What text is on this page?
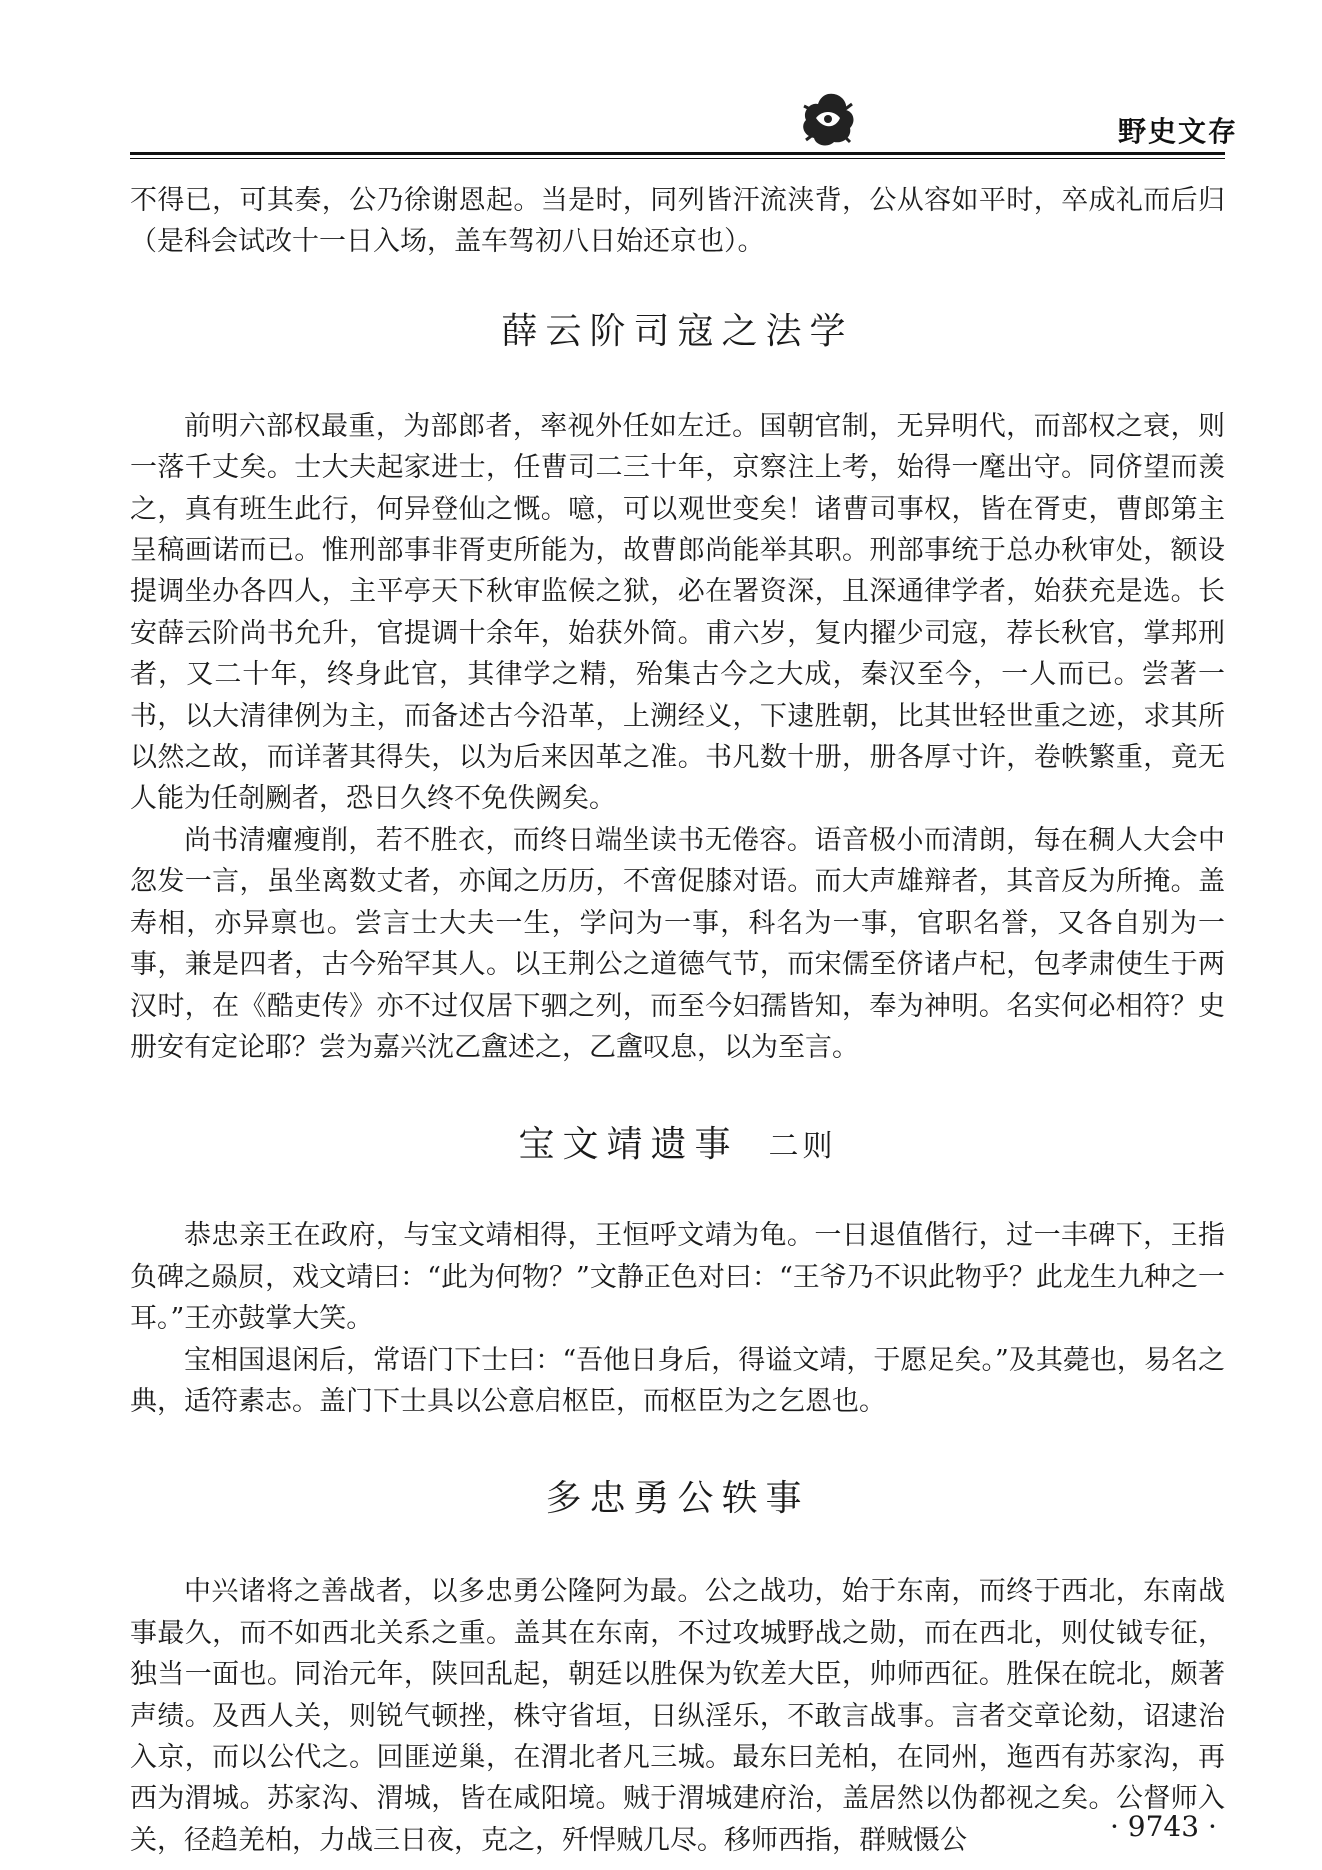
野史文存

不得已，可其奏，公乃徐谢恩起。当是时，同列皆汗流浃背，公从容如平时，卒成礼而后归（是科会试改十一日入场，盖车驾初八日始还京也）。

薛云阶司寇之法学

前明六部权最重，为部郎者，率视外任如左迁。国朝官制，无异明代，而部权之衰，则一落千丈矣。士大夫起家进士，任曹司二三十年，京察注上考，始得一麾出守。同侪望而羡之，真有班生此行，何异登仙之慨。噫，可以观世变矣！诸曹司事权，皆在胥吏，曹郎第主呈稿画诺而已。惟刑部事非胥吏所能为，故曹郎尚能举其职。刑部事统于总办秋审处，额设提调坐办各四人，主平亭天下秋审监候之狱，必在署资深，且深通律学者，始获充是选。长安薛云阶尚书允升，官提调十余年，始获外简。甫六岁，复内擢少司寇，荐长秋官，掌邦刑者，又二十年，终身此官，其律学之精，殆集古今之大成，秦汉至今，一人而已。尝著一书，以大清律例为主，而备述古今沿革，上溯经义，下逮胜朝，比其世轻世重之迹，求其所以然之故，而详著其得失，以为后来因革之准。书凡数十册，册各厚寸许，卷帙繁重，竟无人能为任剞劂者，恐日久终不免佚阙矣。

尚书清癯瘦削，若不胜衣，而终日端坐读书无倦容。语音极小而清朗，每在稠人大会中忽发一言，虽坐离数丈者，亦闻之历历，不啻促膝对语。而大声雄辩者，其音反为所掩。盖寿相，亦异禀也。尝言士大夫一生，学问为一事，科名为一事，官职名誉，又各自别为一事，兼是四者，古今殆罕其人。以王荆公之道德气节，而宋儒至侪诸卢杞，包孝肃使生于两汉时，在《酷吏传》亦不过仅居下驷之列，而至今妇孺皆知，奉为神明。名实何必相符？史册安有定论耶？尝为嘉兴沈乙盦述之，乙盦叹息，以为至言。

宝文靖遗事 二则

恭忠亲王在政府，与宝文靖相得，王恒呼文靖为龟。一日退值偕行，过一丰碑下，王指负碑之赑屃，戏文靖曰：“此为何物？”文静正色对曰：“王爷乃不识此物乎？此龙生九种之一耳。”王亦鼓掌大笑。

宝相国退闲后，常语门下士曰：“吾他日身后，得谥文靖，于愿足矣。”及其薨也，易名之典，适符素志。盖门下士具以公意启枢臣，而枢臣为之乞恩也。

多忠勇公轶事

中兴诸将之善战者，以多忠勇公隆阿为最。公之战功，始于东南，而终于西北，东南战事最久，而不如西北关系之重。盖其在东南，不过攻城野战之勋，而在西北，则仗钺专征，独当一面也。同治元年，陕回乱起，朝廷以胜保为钦差大臣，帅师西征。胜保在皖北，颇著声绩。及西人关，则锐气顿挫，株守省垣，日纵淫乐，不敢言战事。言者交章论劾，诏逮治入京，而以公代之。回匪逆巢，在渭北者凡三城。最东曰羌柏，在同州，迤西有苏家沟，再西为渭城。苏家沟、渭城，皆在咸阳境。贼于渭城建府治，盖居然以伪都视之矣。公督师入关，径趋羌柏，力战三日夜，克之，歼悍贼几尽。移师西指，群贼慑公	· 9743 ·
